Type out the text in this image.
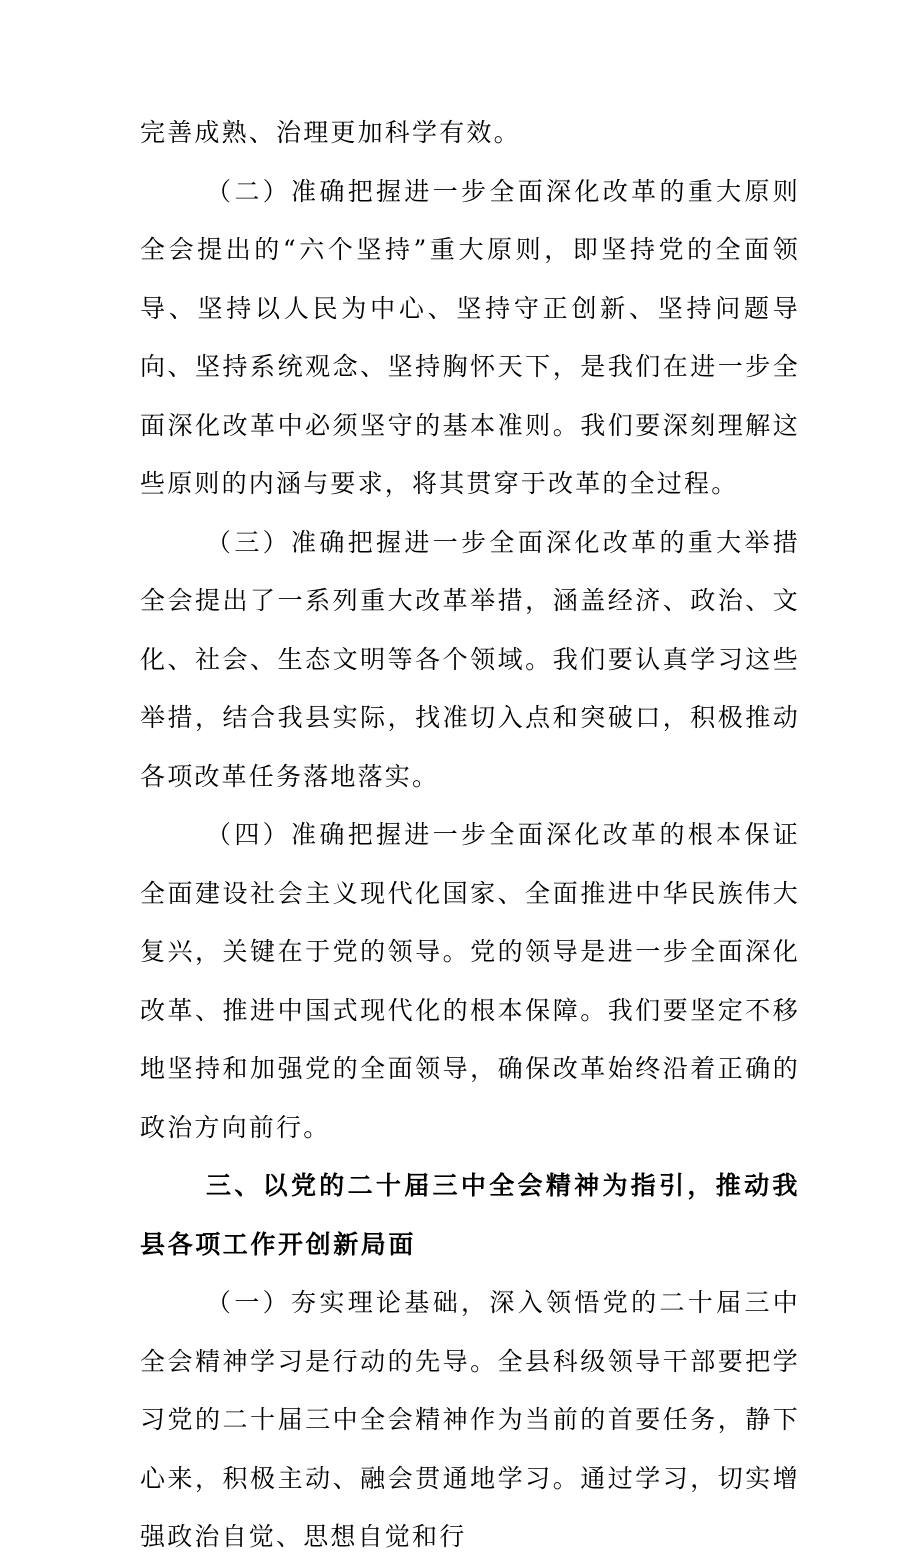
完善成熟、治理更加科学有效。

（二）准确把握进一步全面深化改革的重大原则全会提出的“六个坚持”重大原则，即坚持党的全面领导、坚持以人民为中心、坚持守正创新、坚持问题导向、坚持系统观念、坚持胸怀天下，是我们在进一步全面深化改革中必须坚守的基本准则。我们要深刻理解这些原则的内涵与要求，将其贯穿于改革的全过程。

（三）准确把握进一步全面深化改革的重大举措全会提出了一系列重大改革举措，涵盖经济、政治、文化、社会、生态文明等各个领域。我们要认真学习这些举措，结合我县实际，找准切入点和突破口，积极推动各项改革任务落地落实。

（四）准确把握进一步全面深化改革的根本保证全面建设社会主义现代化国家、全面推进中华民族伟大复兴，关键在于党的领导。党的领导是进一步全面深化改革、推进中国式现代化的根本保障。我们要坚定不移地坚持和加强党的全面领导，确保改革始终沿着正确的政治方向前行。

三、以党的二十届三中全会精神为指引，推动我县各项工作开创新局面

（一）夯实理论基础，深入领悟党的二十届三中全会精神学习是行动的先导。全县科级领导干部要把学习党的二十届三中全会精神作为当前的首要任务，静下心来，积极主动、融会贯通地学习。通过学习，切实增强政治自觉、思想自觉和行
